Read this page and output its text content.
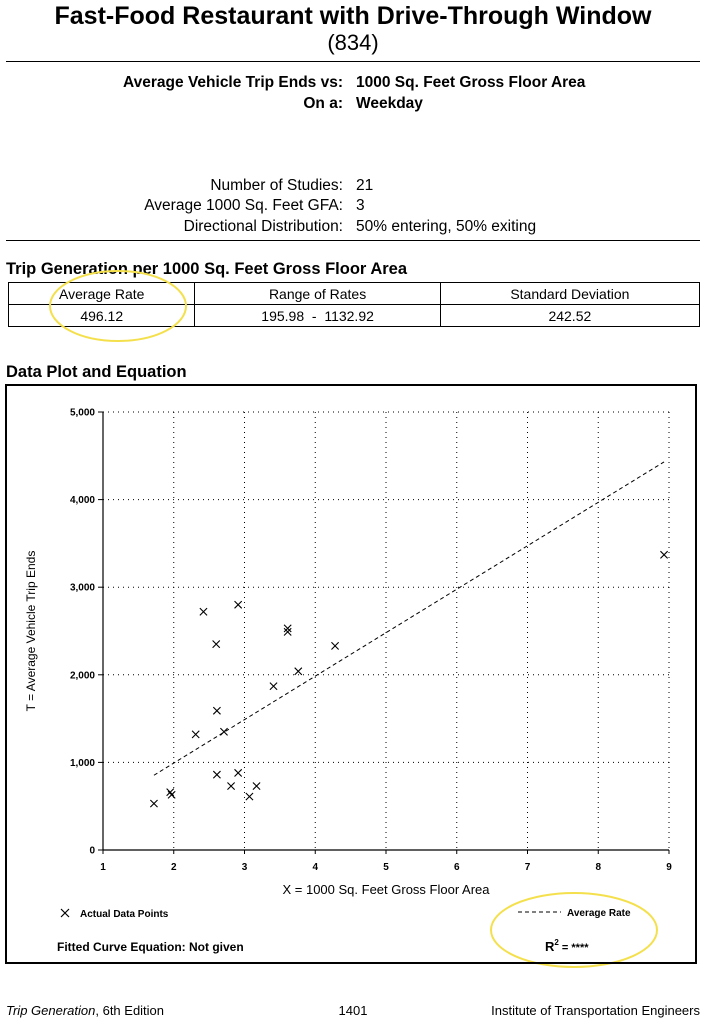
Fast-Food Restaurant with Drive-Through Window
(834)
Average Vehicle Trip Ends vs: 1000 Sq. Feet Gross Floor Area
On a: Weekday
Number of Studies: 21
Average 1000 Sq. Feet GFA: 3
Directional Distribution: 50% entering, 50% exiting
Trip Generation per 1000 Sq. Feet Gross Floor Area
Average Rate	Range of Rates	Standard Deviation
496.12	195.98  -  1132.92	242.52
Data Plot and Equation
1	2	3	4	5	6	7	8	9
0
1,000
2,000
3,000
4,000
5,000
X = 1000 Sq. Feet Gross Floor Area
T = Average Vehicle Trip Ends
Actual Data Points	Average Rate
Fitted Curve Equation: Not given	$R^2$ $_{= ****}$
Trip Generation, 6th Edition	1401	Institute of Transportation Engineers
